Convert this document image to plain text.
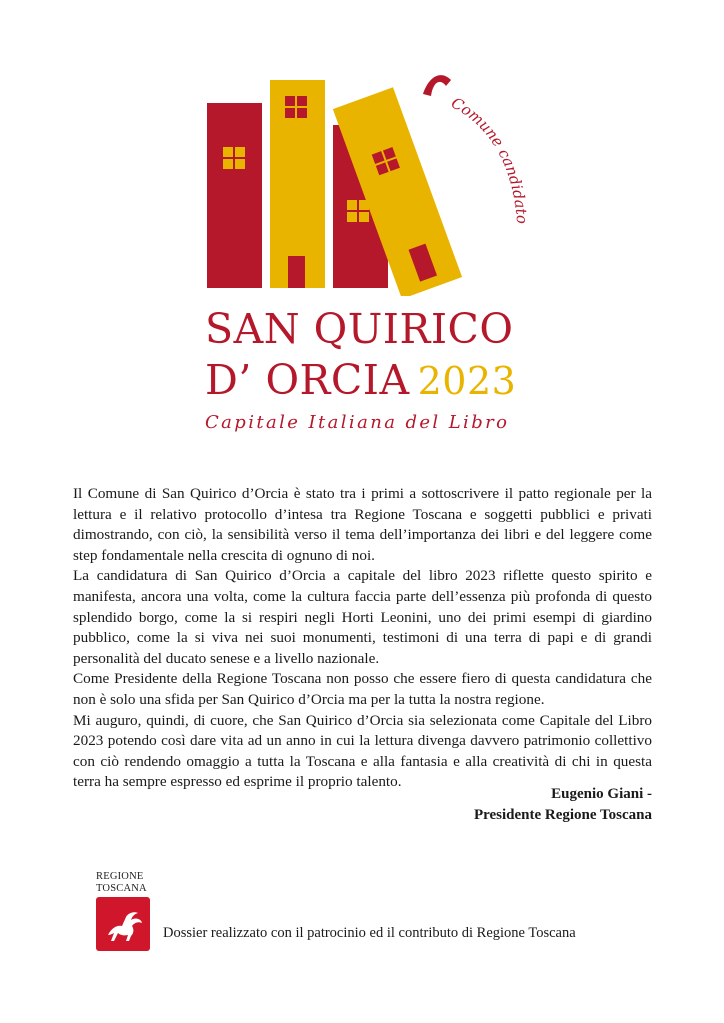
Comune candidato
SAN QUIRICO
D’ ORCIA 2023
Capitale Italiana del Libro

Il Comune di San Quirico d’Orcia è stato tra i primi a sottoscrivere il patto regionale per la lettura e il relativo protocollo d’intesa tra Regione Toscana e soggetti pubblici e privati dimostrando, con ciò, la sensibilità verso il tema dell’importanza dei libri e del leggere come step fondamentale nella crescita di ognuno di noi.

La candidatura di San Quirico d’Orcia a capitale del libro 2023 riflette questo spirito e manifesta, ancora una volta, come la cultura faccia parte dell’essenza più profonda di questo splendido borgo, come la si respiri negli Horti Leonini, uno dei primi esempi di giardino pubblico, come la si viva nei suoi monumenti, testimoni di una terra di papi e di grandi personalità del ducato senese e a livello nazionale.

Come Presidente della Regione Toscana non posso che essere fiero di questa candidatura che non è solo una sfida per San Quirico d’Orcia ma per la tutta la nostra regione.

Mi auguro, quindi, di cuore, che San Quirico d’Orcia sia selezionata come Capitale del Libro 2023 potendo così dare vita ad un anno in cui la lettura divenga davvero patrimonio collettivo con ciò rendendo omaggio a tutta la Toscana e alla fantasia e alla creatività di chi in questa terra ha sempre espresso ed esprime il proprio talento.

Eugenio Giani -
Presidente Regione Toscana
REGIONE
TOSCANA
Dossier realizzato con il patrocinio ed il contributo di Regione Toscana
